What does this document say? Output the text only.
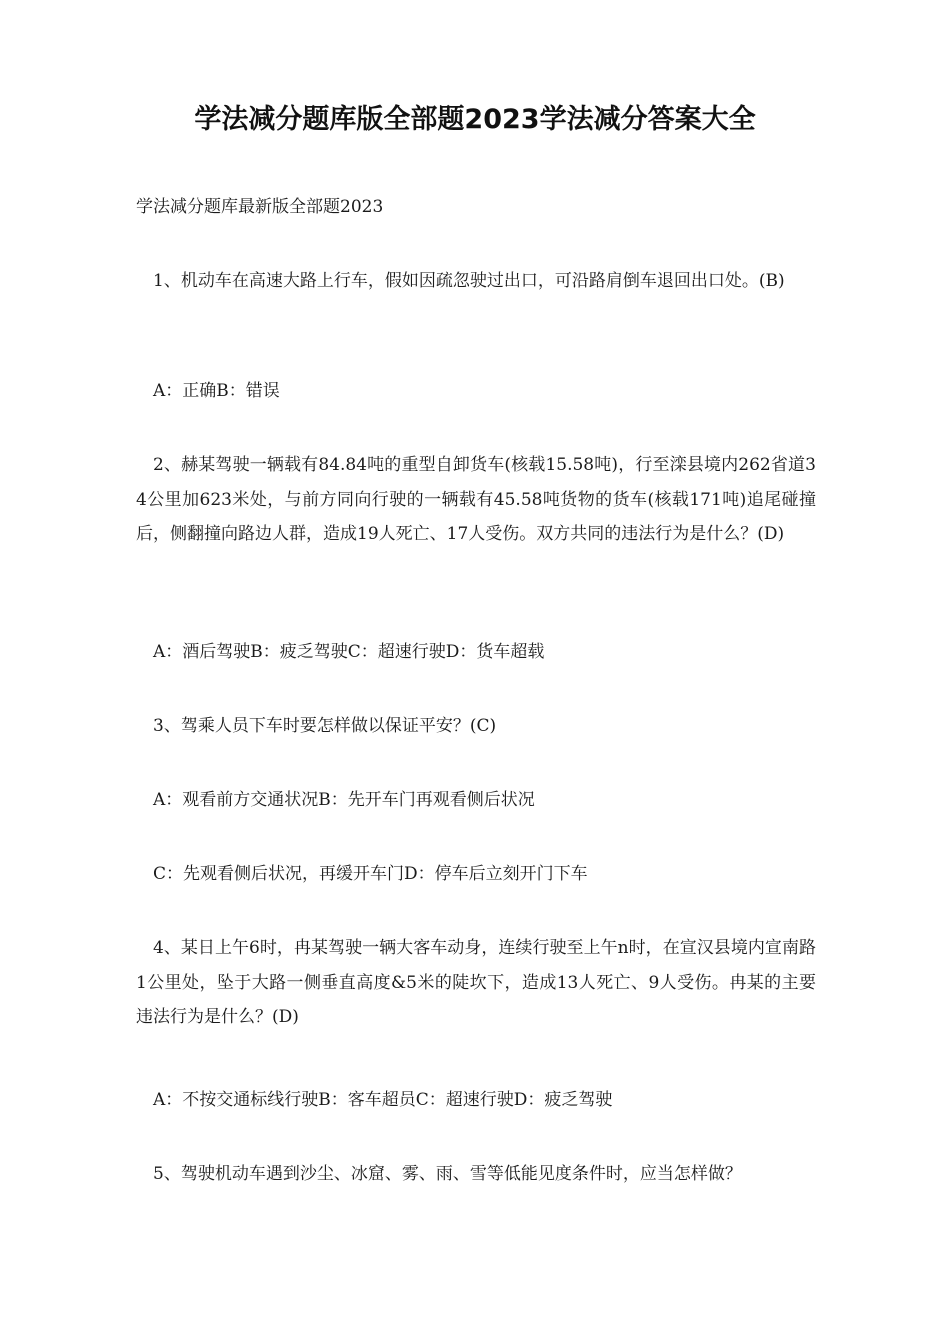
学法减分题库版全部题2023学法减分答案大全

学法减分题库最新版全部题2023

1、机动车在高速大路上行车，假如因疏忽驶过出口，可沿路肩倒车退回出口处。(B)

A：正确B：错误

2、赫某驾驶一辆载有84.84吨的重型自卸货车(核载15.58吨)，行至滦县境内262省道34公里加623米处，与前方同向行驶的一辆载有45.58吨货物的货车(核载171吨)追尾碰撞后，侧翻撞向路边人群，造成19人死亡、17人受伤。双方共同的违法行为是什么？(D)

A：酒后驾驶B：疲乏驾驶C：超速行驶D：货车超载

3、驾乘人员下车时要怎样做以保证平安？(C)

A：观看前方交通状况B：先开车门再观看侧后状况

C：先观看侧后状况，再缓开车门D：停车后立刻开门下车

4、某日上午6时，冉某驾驶一辆大客车动身，连续行驶至上午n时，在宣汉县境内宣南路1公里处，坠于大路一侧垂直高度&5米的陡坎下，造成13人死亡、9人受伤。冉某的主要违法行为是什么？(D)

A：不按交通标线行驶B：客车超员C：超速行驶D：疲乏驾驶

5、驾驶机动车遇到沙尘、冰窟、雾、雨、雪等低能见度条件时，应当怎样做？
